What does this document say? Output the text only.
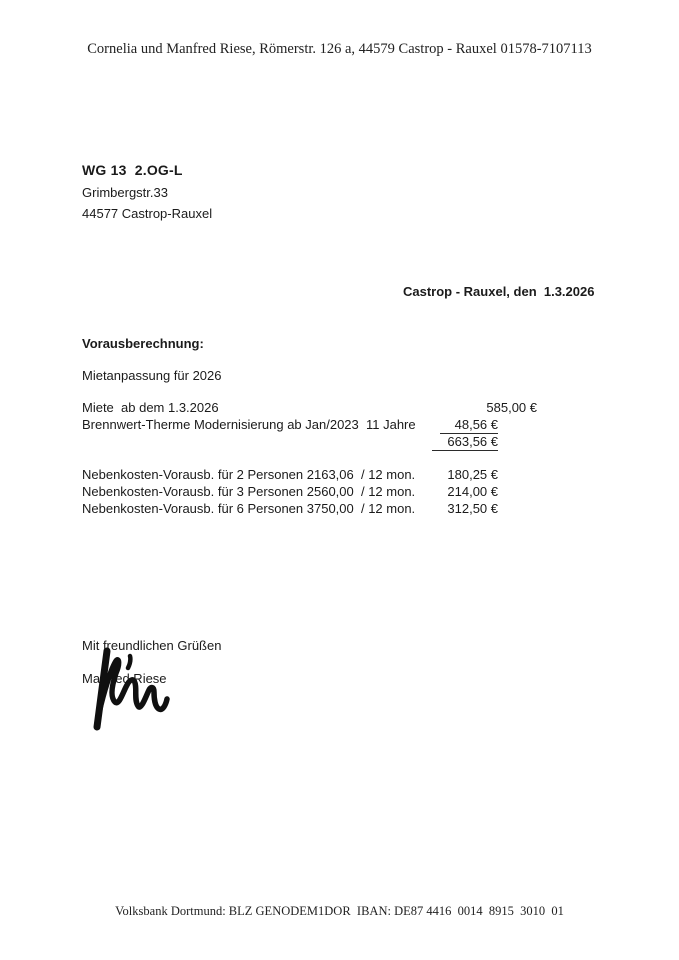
Cornelia und Manfred Riese, Römerstr. 126 a, 44579 Castrop - Rauxel 01578-7107113
WG 13  2.OG-L
Grimbergstr.33
44577 Castrop-Rauxel
Castrop - Rauxel, den  1.3.2026
Vorausberechnung:
Mietanpassung für 2026
Miete  ab dem 1.3.2026	585,00 €
Brennwert-Therme Modernisierung ab Jan/2023  11 Jahre	48,56 €
663,56 €
Nebenkosten-Vorausb. für 2 Personen 2163,06  / 12 mon. 180,25 €
Nebenkosten-Vorausb. für 3 Personen 2560,00  / 12 mon. 214,00 €
Nebenkosten-Vorausb. für 6 Personen 3750,00  / 12 mon. 312,50 €
Mit freundlichen Grüßen
Manfred Riese
Volksbank Dortmund: BLZ GENODEM1DOR  IBAN: DE87 4416  0014  8915  3010  01
